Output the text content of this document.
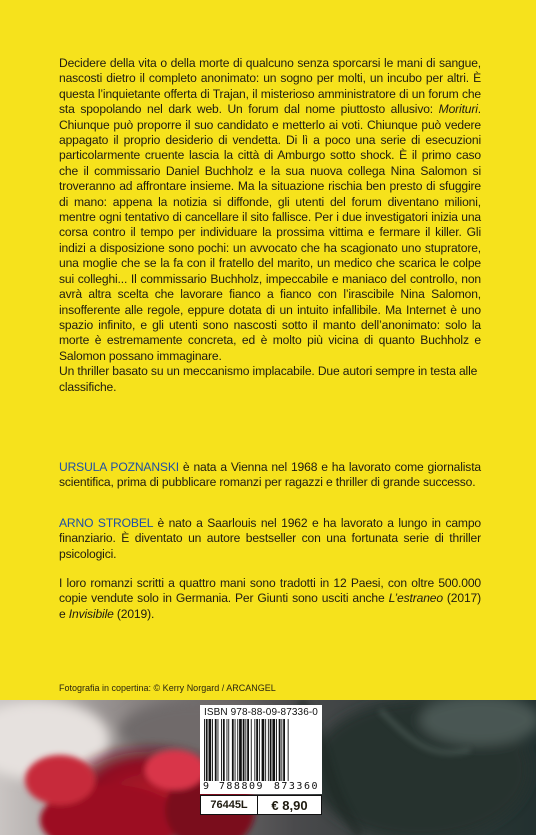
Decidere della vita o della morte di qualcuno senza sporcarsi le mani di sangue, nascosti dietro il completo anonimato: un sogno per molti, un incubo per altri. È questa l’inquietante offerta di Trajan, il misterioso amministratore di un forum che sta spopolando nel dark web. Un forum dal nome piuttosto allusivo: Morituri. Chiunque può proporre il suo candidato e metterlo ai voti. Chiunque può vedere appagato il proprio desiderio di vendetta. Di lì a poco una serie di esecuzioni particolarmente cruente lascia la città di Amburgo sotto shock. È il primo caso che il commissario Daniel Buchholz e la sua nuova collega Nina Salomon si troveranno ad affrontare insieme. Ma la situazione rischia ben presto di sfuggire di mano: appena la notizia si diffonde, gli utenti del forum diventano milioni, mentre ogni tentativo di cancellare il sito fallisce. Per i due investigatori inizia una corsa contro il tempo per individuare la prossima vittima e fermare il killer. Gli indizi a disposizione sono pochi: un avvocato che ha scagionato uno stupratore, una moglie che se la fa con il fratello del marito, un medico che scarica le colpe sui colleghi... Il commissario Buchholz, impeccabile e maniaco del controllo, non avrà altra scelta che lavorare fianco a fianco con l’irascibile Nina Salomon, insofferente alle regole, eppure dotata di un intuito infallibile. Ma Internet è uno spazio infinito, e gli utenti sono nascosti sotto il manto dell’anonimato: solo la morte è estremamente concreta, ed è molto più vicina di quanto Buchholz e Salomon possano immaginare.

Un thriller basato su un meccanismo implacabile. Due autori sempre in testa alle classifiche.

URSULA POZNANSKI è nata a Vienna nel 1968 e ha lavorato come giornalista scientifica, prima di pubblicare romanzi per ragazzi e thriller di grande successo.

ARNO STROBEL è nato a Saarlouis nel 1962 e ha lavorato a lungo in campo finanziario. È diventato un autore bestseller con una fortunata serie di thriller psicologici.

I loro romanzi scritti a quattro mani sono tradotti in 12 Paesi, con oltre 500.000 copie vendute solo in Germania. Per Giunti sono usciti anche L’estraneo (2017) e Invisibile (2019).

Fotografia in copertina: © Kerry Norgard / ARCANGEL
ISBN 978-88-09-87336-0
9 788809 873360
76445L	€ 8,90
